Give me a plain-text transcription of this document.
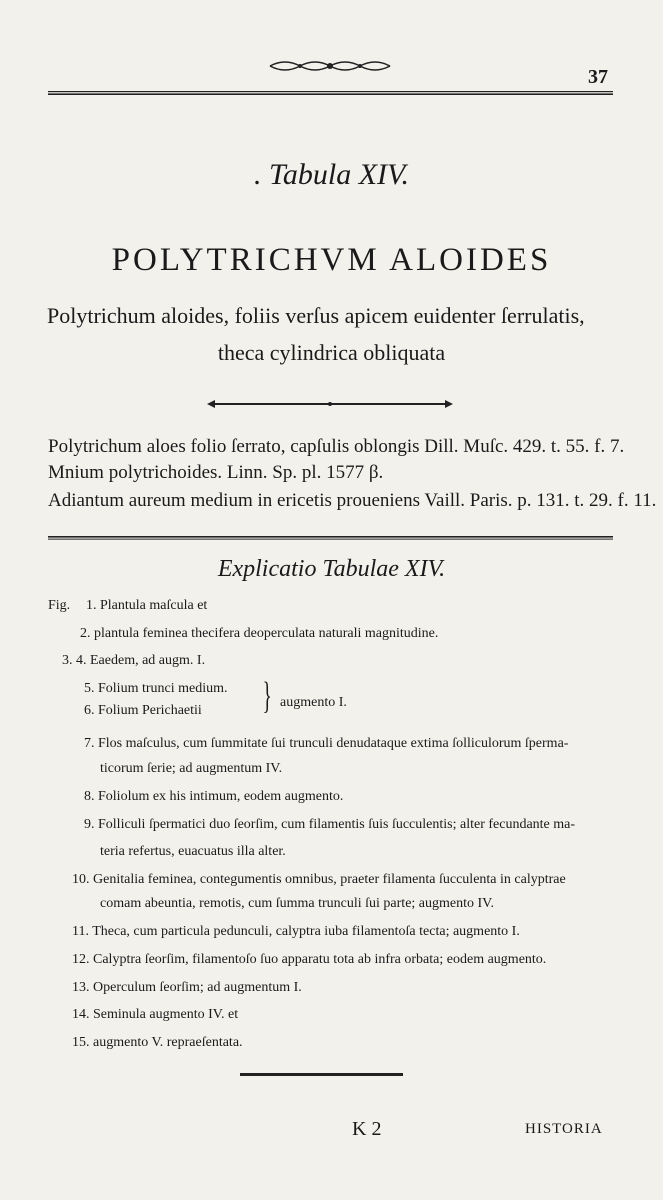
37
. Tabula XIV.
POLYTRICHVM ALOIDES
Polytrichum aloides, foliis verſus apicem euidenter ſerrulatis,
theca cylindrica obliquata
Polytrichum aloes folio ſerrato, capſulis oblongis Dill. Muſc. 429. t. 55. f. 7.
Mnium polytrichoides. Linn. Sp. pl. 1577 β.
Adiantum aureum medium in ericetis proueniens Vaill. Paris. p. 131. t. 29. f. 11.
Explicatio Tabulae XIV.
Fig. 1. Plantula maſcula et
2. plantula feminea thecifera deoperculata naturali magnitudine.
3. 4. Eaedem, ad augm. I.
5. Folium trunci medium.
6. Folium Perichaetii } augmento I.
7. Flos maſculus, cum ſummitate ſui trunculi denudataque extima ſolliculorum ſperma-
ticorum ſerie; ad augmentum IV.
8. Foliolum ex his intimum, eodem augmento.
9. Folliculi ſpermatici duo ſeorſim, cum filamentis ſuis ſucculentis; alter fecundante ma-
teria refertus, euacuatus illa alter.
10. Genitalia feminea, contegumentis omnibus, praeter filamenta ſucculenta in calyptrae
comam abeuntia, remotis, cum ſumma trunculi ſui parte; augmento IV.
11. Theca, cum particula pedunculi, calyptra iuba filamentoſa tecta; augmento I.
12. Calyptra ſeorſim, filamentoſo ſuo apparatu tota ab infra orbata; eodem augmento.
13. Operculum ſeorſim; ad augmentum I.
14. Seminula augmento IV. et
15. augmento V. repraeſentata.
K 2	HISTORIA
